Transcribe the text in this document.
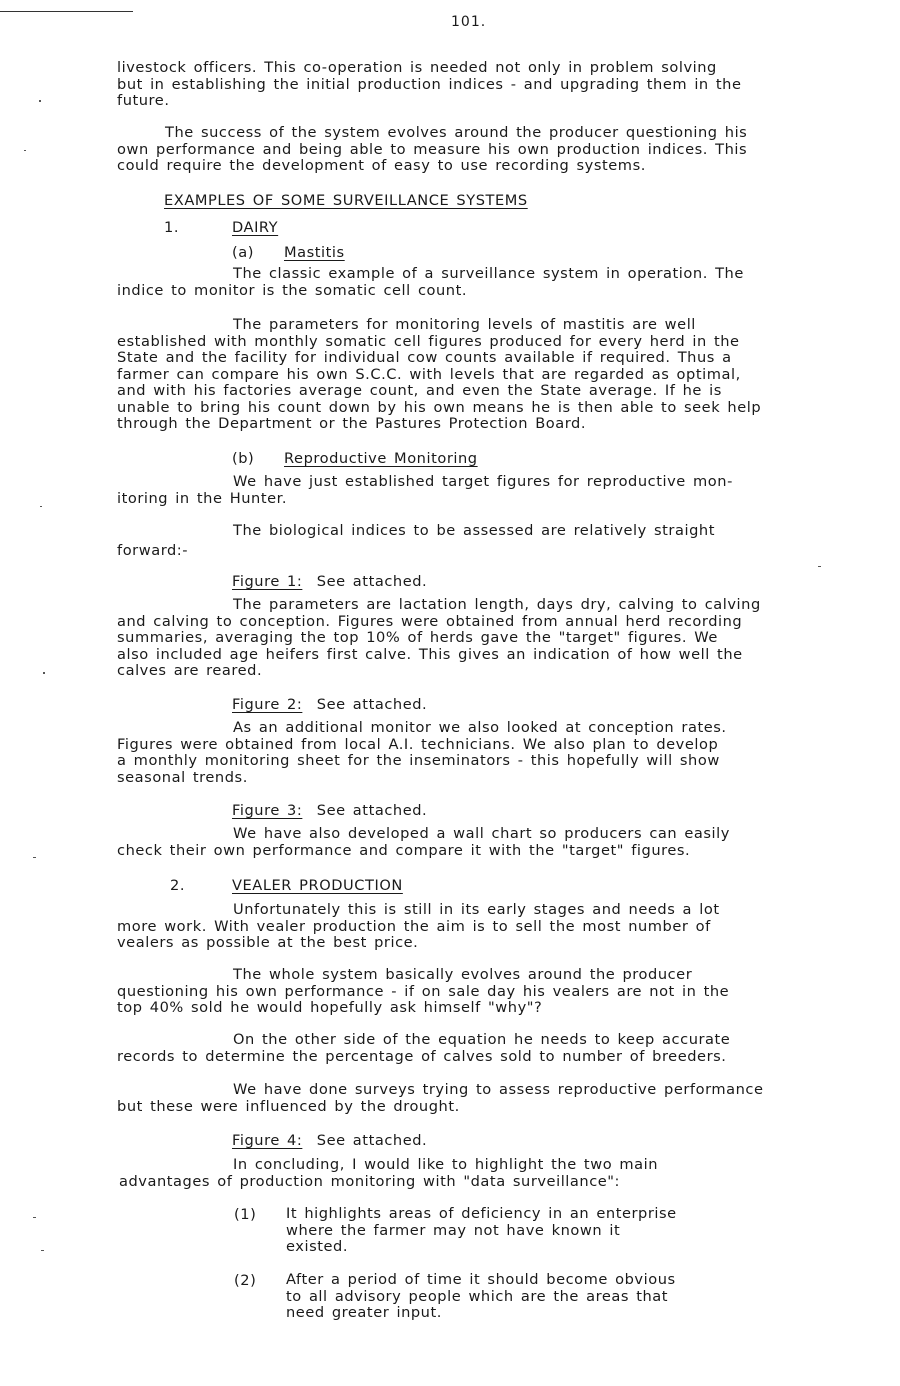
101.
livestock officers. This co-operation is needed not only in problem solving
but in establishing the initial production indices - and upgrading them in the
future.
The success of the system evolves around the producer questioning his
own performance and being able to measure his own production indices. This
could require the development of easy to use recording systems.
EXAMPLES OF SOME SURVEILLANCE SYSTEMS
1.	DAIRY
(a) Mastitis
The classic example of a surveillance system in operation. The
indice to monitor is the somatic cell count.
The parameters for monitoring levels of mastitis are well
established with monthly somatic cell figures produced for every herd in the
State and the facility for individual cow counts available if required. Thus a
farmer can compare his own S.C.C. with levels that are regarded as optimal,
and with his factories average count, and even the State average. If he is
unable to bring his count down by his own means he is then able to seek help
through the Department or the Pastures Protection Board.
(b) Reproductive Monitoring
We have just established target figures for reproductive mon-
itoring in the Hunter.
The biological indices to be assessed are relatively straight
forward:-
Figure 1: See attached.
The parameters are lactation length, days dry, calving to calving
and calving to conception. Figures were obtained from annual herd recording
summaries, averaging the top 10% of herds gave the "target" figures. We
also included age heifers first calve. This gives an indication of how well the
calves are reared.
Figure 2: See attached.
As an additional monitor we also looked at conception rates.
Figures were obtained from local A.I. technicians. We also plan to develop
a monthly monitoring sheet for the inseminators - this hopefully will show
seasonal trends.
Figure 3: See attached.
We have also developed a wall chart so producers can easily
check their own performance and compare it with the "target" figures.
2.	VEALER PRODUCTION
Unfortunately this is still in its early stages and needs a lot
more work. With vealer production the aim is to sell the most number of
vealers as possible at the best price.
The whole system basically evolves around the producer
questioning his own performance - if on sale day his vealers are not in the
top 40% sold he would hopefully ask himself "why"?
On the other side of the equation he needs to keep accurate
records to determine the percentage of calves sold to number of breeders.
We have done surveys trying to assess reproductive performance
but these were influenced by the drought.
Figure 4: See attached.
In concluding, I would like to highlight the two main
advantages of production monitoring with "data surveillance":
(1) It highlights areas of deficiency in an enterprise
where the farmer may not have known it
existed.
(2) After a period of time it should become obvious
to all advisory people which are the areas that
need greater input.
